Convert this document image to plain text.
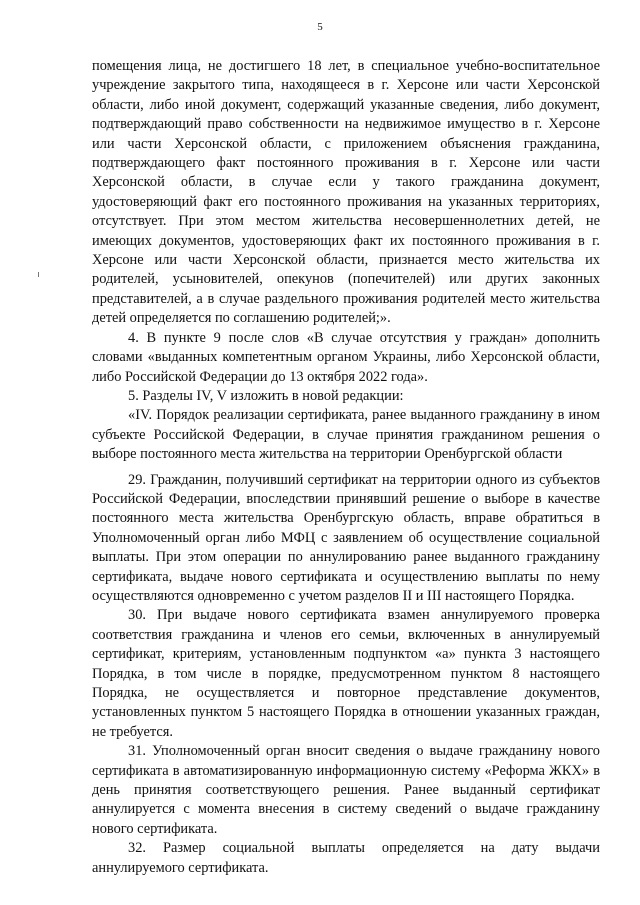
5

помещения лица, не достигшего 18 лет, в специальное учебно-воспитательное учреждение закрытого типа, находящееся в г. Херсоне или части Херсонской области, либо иной документ, содержащий указанные сведения, либо документ, подтверждающий право собственности на недвижимое имущество в г. Херсоне или части Херсонской области, с приложением объяснения гражданина, подтверждающего факт постоянного проживания в г. Херсоне или части Херсонской области, в случае если у такого гражданина документ, удостоверяющий факт его постоянного проживания на указанных территориях, отсутствует. При этом местом жительства несовершеннолетних детей, не имеющих документов, удостоверяющих факт их постоянного проживания в г. Херсоне или части Херсонской области, признается место жительства их родителей, усыновителей, опекунов (попечителей) или других законных представителей, а в случае раздельного проживания родителей место жительства детей определяется по соглашению родителей;».

4. В пункте 9 после слов «В случае отсутствия у граждан» дополнить словами «выданных компетентным органом Украины, либо Херсонской области, либо Российской Федерации до 13 октября 2022 года».

5. Разделы IV, V изложить в новой редакции:

«IV. Порядок реализации сертификата, ранее выданного гражданину в ином субъекте Российской Федерации, в случае принятия гражданином решения о выборе постоянного места жительства на территории Оренбургской области

29. Гражданин, получивший сертификат на территории одного из субъектов Российской Федерации, впоследствии принявший решение о выборе в качестве постоянного места жительства Оренбургскую область, вправе обратиться в Уполномоченный орган либо МФЦ с заявлением об осуществление социальной выплаты. При этом операции по аннулированию ранее выданного гражданину сертификата, выдаче нового сертификата и осуществлению выплаты по нему осуществляются одновременно с учетом разделов II и III настоящего Порядка.

30. При выдаче нового сертификата взамен аннулируемого проверка соответствия гражданина и членов его семьи, включенных в аннулируемый сертификат, критериям, установленным подпунктом «а» пункта 3 настоящего Порядка, в том числе в порядке, предусмотренном пунктом 8 настоящего Порядка, не осуществляется и повторное представление документов, установленных пунктом 5 настоящего Порядка в отношении указанных граждан, не требуется.

31. Уполномоченный орган вносит сведения о выдаче гражданину нового сертификата в автоматизированную информационную систему «Реформа ЖКХ» в день принятия соответствующего решения. Ранее выданный сертификат аннулируется с момента внесения в систему сведений о выдаче гражданину нового сертификата.

32. Размер социальной выплаты определяется на дату выдачи аннулируемого сертификата.
